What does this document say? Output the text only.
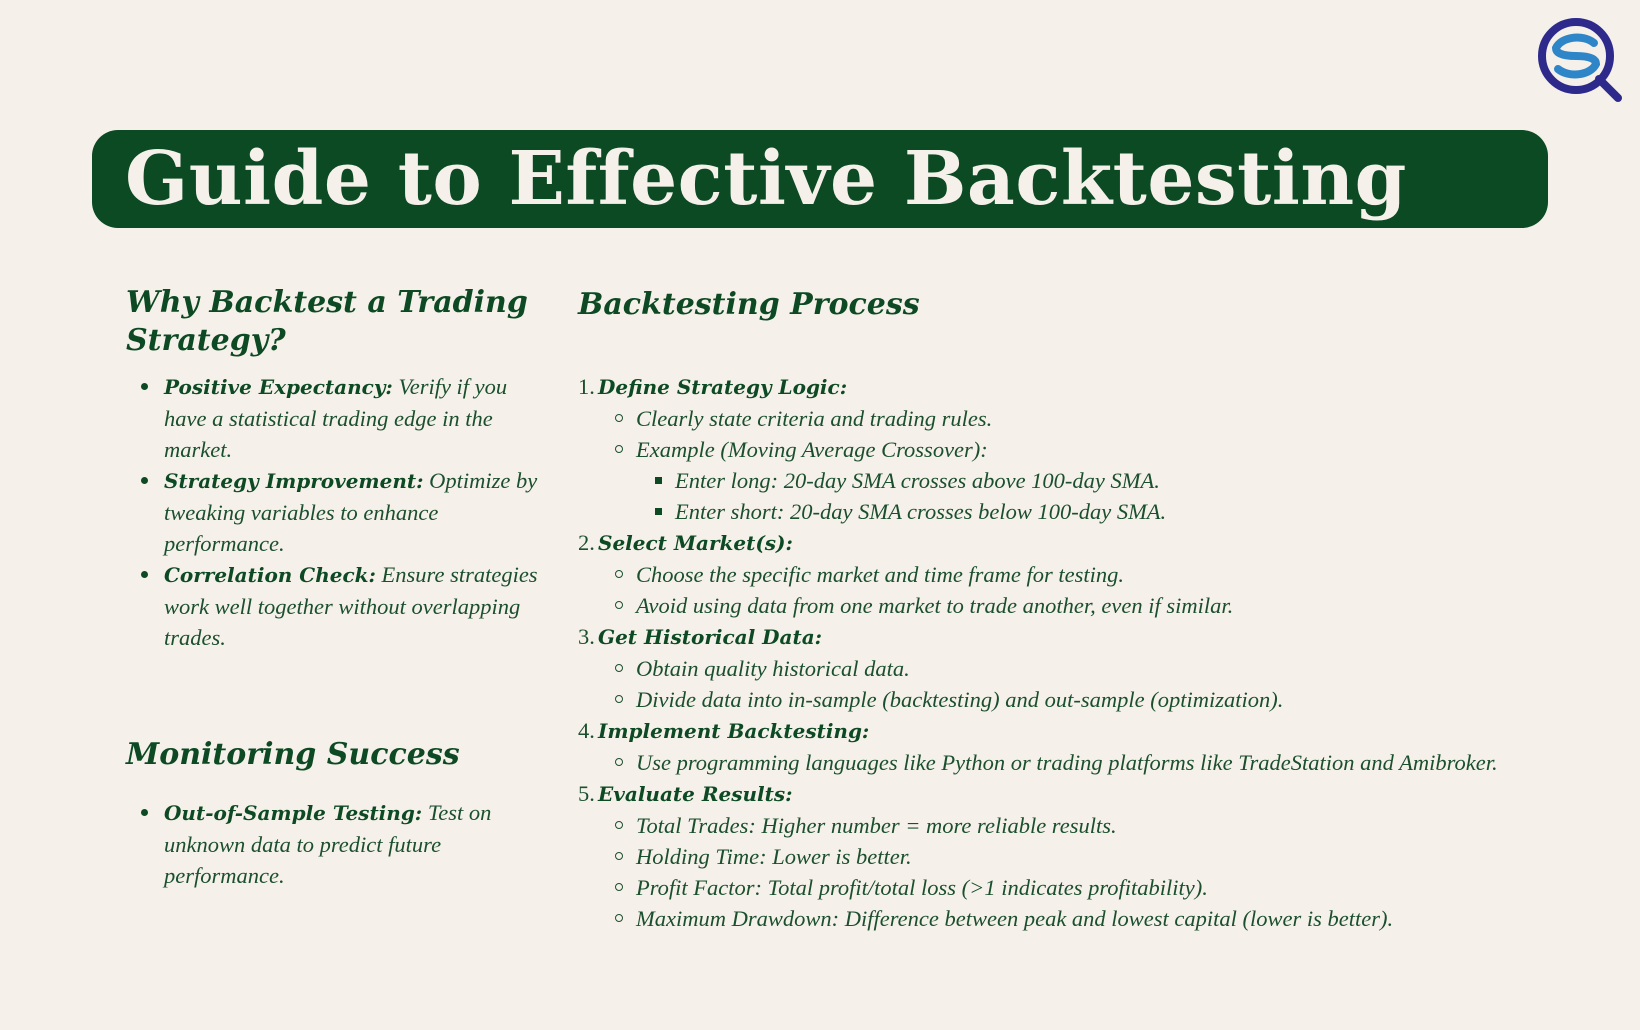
Guide to Effective Backtesting
Why Backtest a Trading Strategy?
Positive Expectancy: Verify if you have a statistical trading edge in the market.
Strategy Improvement: Optimize by tweaking variables to enhance performance.
Correlation Check: Ensure strategies work well together without overlapping trades.
Monitoring Success
Out-of-Sample Testing: Test on unknown data to predict future performance.
Backtesting Process
1. Define Strategy Logic:
Clearly state criteria and trading rules.
Example (Moving Average Crossover):
Enter long: 20-day SMA crosses above 100-day SMA.
Enter short: 20-day SMA crosses below 100-day SMA.
2. Select Market(s):
Choose the specific market and time frame for testing.
Avoid using data from one market to trade another, even if similar.
3. Get Historical Data:
Obtain quality historical data.
Divide data into in-sample (backtesting) and out-sample (optimization).
4. Implement Backtesting:
Use programming languages like Python or trading platforms like TradeStation and Amibroker.
5. Evaluate Results:
Total Trades: Higher number = more reliable results.
Holding Time: Lower is better.
Profit Factor: Total profit/total loss (>1 indicates profitability).
Maximum Drawdown: Difference between peak and lowest capital (lower is better).
